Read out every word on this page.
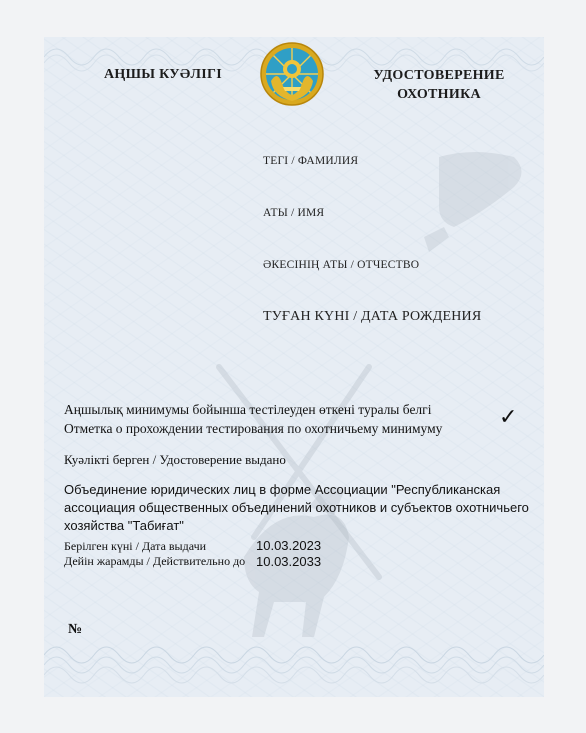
АҢШЫ КУӘЛІГІ	УДОСТОВЕРЕНИЕ
ОХОТНИКА
ТЕГІ / ФАМИЛИЯ
АТЫ / ИМЯ
ӘКЕСІНІҢ АТЫ / ОТЧЕСТВО
ТУҒАН КҮНІ / ДАТА РОЖДЕНИЯ
Аңшылық минимумы бойынша тестілеуден өткені туралы белгі
Отметка о прохождении тестирования по охотничьему минимуму	✓
Куәлікті берген / Удостоверение выдано
Объединение юридических лиц в форме Ассоциации "Республиканская ассоциация общественных объединений охотников и субъектов охотничьего хозяйства "Табиғат"
Берілген күні / Дата выдачи	10.03.2023
Дейін жарамды / Действительно до 10.03.2033
№
